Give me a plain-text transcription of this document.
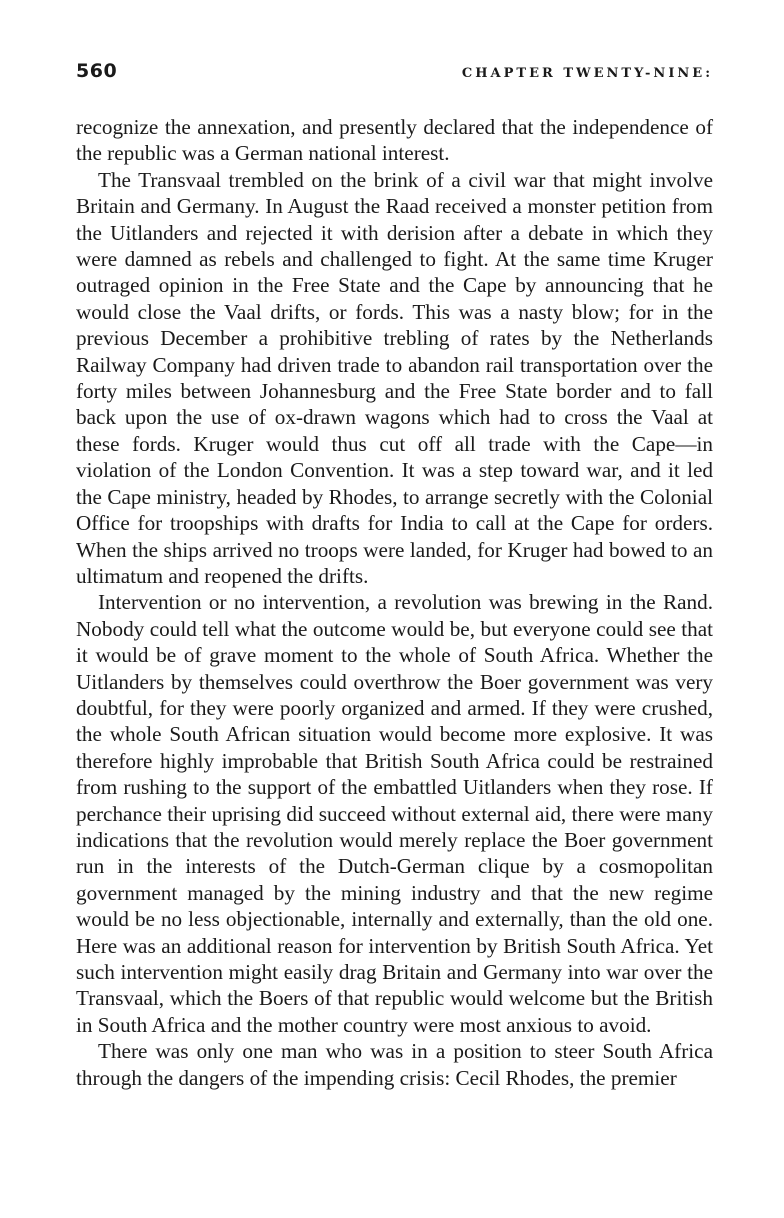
560	CHAPTER TWENTY-NINE:

recognize the annexation, and presently declared that the independence of the republic was a German national interest.

The Transvaal trembled on the brink of a civil war that might involve Britain and Germany. In August the Raad received a monster petition from the Uitlanders and rejected it with derision after a debate in which they were damned as rebels and challenged to fight. At the same time Kruger outraged opinion in the Free State and the Cape by announcing that he would close the Vaal drifts, or fords. This was a nasty blow; for in the previous December a prohibitive trebling of rates by the Netherlands Railway Company had driven trade to abandon rail transportation over the forty miles between Johannesburg and the Free State border and to fall back upon the use of ox-drawn wagons which had to cross the Vaal at these fords. Kruger would thus cut off all trade with the Cape—in violation of the London Convention. It was a step toward war, and it led the Cape ministry, headed by Rhodes, to arrange secretly with the Colonial Office for troopships with drafts for India to call at the Cape for orders. When the ships arrived no troops were landed, for Kruger had bowed to an ultimatum and reopened the drifts.

Intervention or no intervention, a revolution was brewing in the Rand. Nobody could tell what the outcome would be, but everyone could see that it would be of grave moment to the whole of South Africa. Whether the Uitlanders by themselves could overthrow the Boer government was very doubtful, for they were poorly organized and armed. If they were crushed, the whole South African situation would become more explosive. It was therefore highly improbable that British South Africa could be restrained from rushing to the support of the embattled Uitlanders when they rose. If perchance their uprising did succeed without external aid, there were many indications that the revolution would merely replace the Boer government run in the interests of the Dutch-German clique by a cosmopolitan government managed by the mining industry and that the new regime would be no less objectionable, internally and externally, than the old one. Here was an additional reason for intervention by British South Africa. Yet such intervention might easily drag Britain and Germany into war over the Transvaal, which the Boers of that republic would welcome but the British in South Africa and the mother country were most anxious to avoid.

There was only one man who was in a position to steer South Africa through the dangers of the impending crisis: Cecil Rhodes, the premier
